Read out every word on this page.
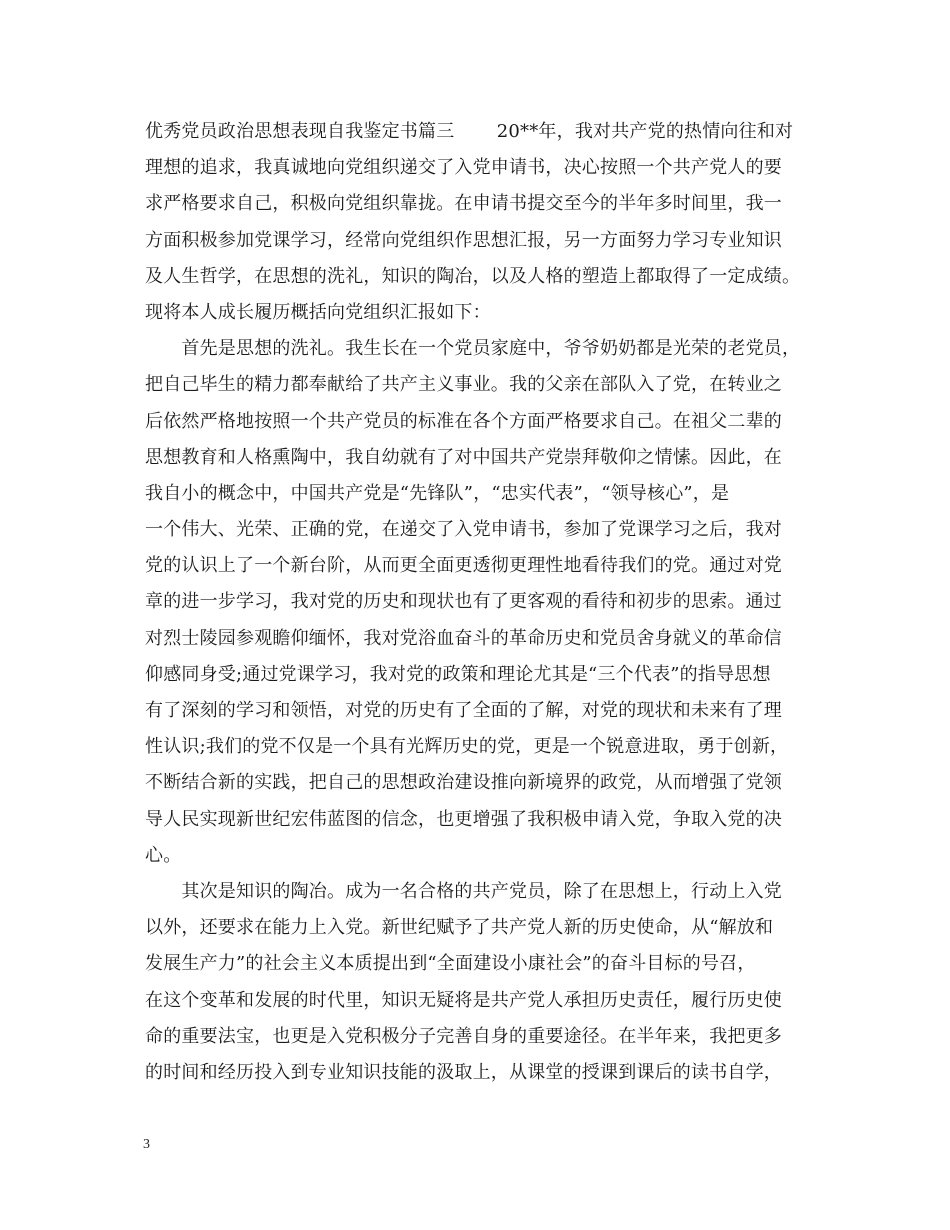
优秀党员政治思想表现自我鉴定书篇三　　 20**年，我对共产党的热情向往和对
理想的追求，我真诚地向党组织递交了入党申请书，决心按照一个共产党人的要
求严格要求自己，积极向党组织靠拢。在申请书提交至今的半年多时间里，我一
方面积极参加党课学习，经常向党组织作思想汇报，另一方面努力学习专业知识
及人生哲学，在思想的洗礼，知识的陶冶，以及人格的塑造上都取得了一定成绩。
现将本人成长履历概括向党组织汇报如下：
　　首先是思想的洗礼。我生长在一个党员家庭中，爷爷奶奶都是光荣的老党员，
把自己毕生的精力都奉献给了共产主义事业。我的父亲在部队入了党，在转业之
后依然严格地按照一个共产党员的标准在各个方面严格要求自己。在祖父二辈的
思想教育和人格熏陶中，我自幼就有了对中国共产党崇拜敬仰之情愫。因此，在
我自小的概念中，中国共产党是“先锋队”，“忠实代表”，“领导核心”，是
一个伟大、光荣、正确的党，在递交了入党申请书，参加了党课学习之后，我对
党的认识上了一个新台阶，从而更全面更透彻更理性地看待我们的党。通过对党
章的进一步学习，我对党的历史和现状也有了更客观的看待和初步的思索。通过
对烈士陵园参观瞻仰缅怀，我对党浴血奋斗的革命历史和党员舍身就义的革命信
仰感同身受;通过党课学习，我对党的政策和理论尤其是“三个代表”的指导思想
有了深刻的学习和领悟，对党的历史有了全面的了解，对党的现状和未来有了理
性认识;我们的党不仅是一个具有光辉历史的党，更是一个锐意进取，勇于创新，
不断结合新的实践，把自己的思想政治建设推向新境界的政党，从而增强了党领
导人民实现新世纪宏伟蓝图的信念，也更增强了我积极申请入党，争取入党的决
心。
　　其次是知识的陶冶。成为一名合格的共产党员，除了在思想上，行动上入党
以外，还要求在能力上入党。新世纪赋予了共产党人新的历史使命，从“解放和
发展生产力”的社会主义本质提出到“全面建设小康社会”的奋斗目标的号召，
在这个变革和发展的时代里，知识无疑将是共产党人承担历史责任，履行历史使
命的重要法宝，也更是入党积极分子完善自身的重要途径。在半年来，我把更多
的时间和经历投入到专业知识技能的汲取上，从课堂的授课到课后的读书自学，
3
